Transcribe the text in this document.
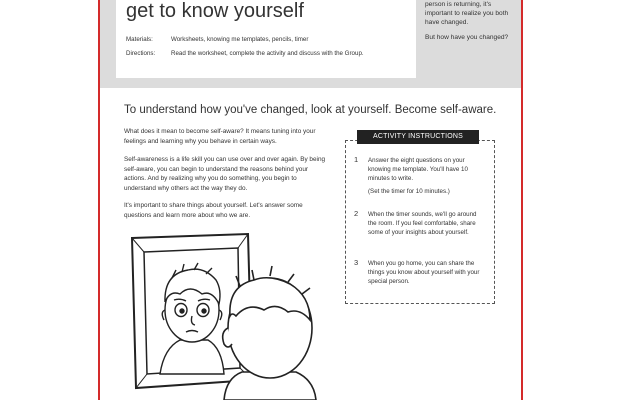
get to know yourself
Materials:	Worksheets, knowing me templates, pencils, timer
Directions:	Read the worksheet, complete the activity and discuss with the Group.

person is returning, it's important to realize you both have changed.

But how have you changed?

To understand how you've changed, look at yourself. Become self-aware.

What does it mean to become self-aware? It means tuning into your feelings and learning why you behave in certain ways.

Self-awareness is a life skill you can use over and over again. By being self-aware, you can begin to understand the reasons behind your actions. And by realizing why you do something, you begin to understand why others act the way they do.

It's important to share things about yourself. Let's answer some questions and learn more about who we are.

ACTIVITY INSTRUCTIONS
1 Answer the eight questions on your knowing me template. You'll have 10 minutes to write.
(Set the timer for 10 minutes.)

2 When the timer sounds, we'll go around the room. If you feel comfortable, share some of your insights about yourself.

3 When you go home, you can share the things you know about yourself with your special person.
